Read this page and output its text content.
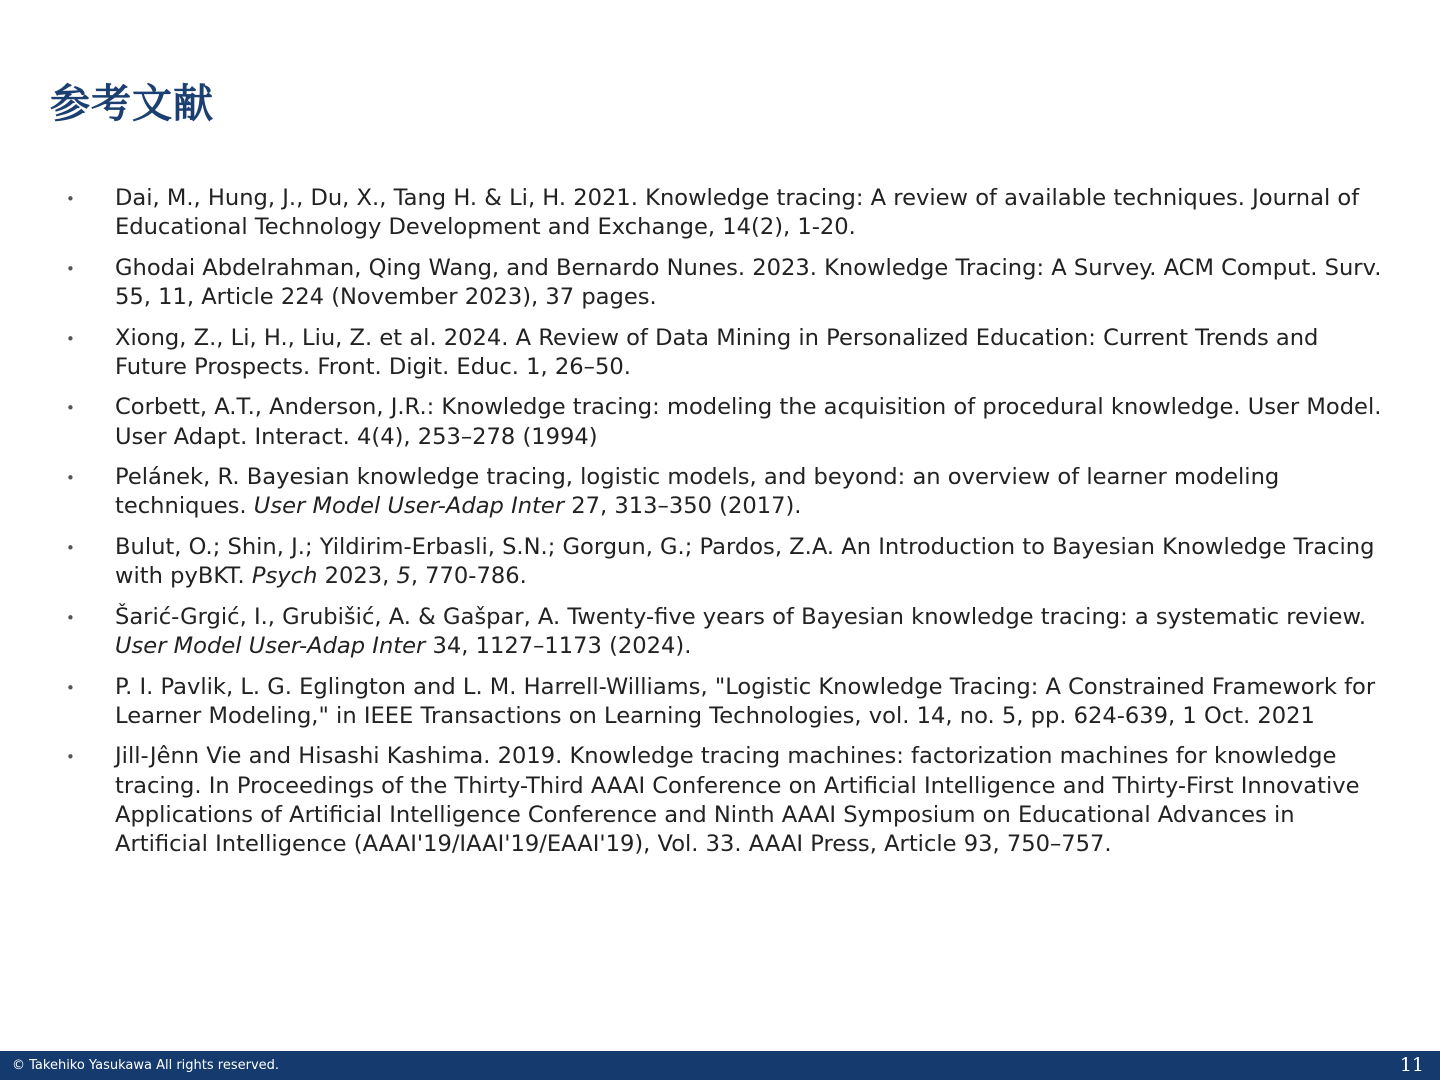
参考文献
• Dai, M., Hung, J., Du, X., Tang H. & Li, H. 2021. Knowledge tracing: A review of available techniques. Journal of Educational Technology Development and Exchange, 14(2), 1-20.
• Ghodai Abdelrahman, Qing Wang, and Bernardo Nunes. 2023. Knowledge Tracing: A Survey. ACM Comput. Surv. 55, 11, Article 224 (November 2023), 37 pages.
• Xiong, Z., Li, H., Liu, Z. et al. 2024. A Review of Data Mining in Personalized Education: Current Trends and Future Prospects. Front. Digit. Educ. 1, 26–50.
• Corbett, A.T., Anderson, J.R.: Knowledge tracing: modeling the acquisition of procedural knowledge. User Model. User Adapt. Interact. 4(4), 253–278 (1994)
• Pelánek, R. Bayesian knowledge tracing, logistic models, and beyond: an overview of learner modeling techniques. User Model User-Adap Inter 27, 313–350 (2017).
• Bulut, O.; Shin, J.; Yildirim-Erbasli, S.N.; Gorgun, G.; Pardos, Z.A. An Introduction to Bayesian Knowledge Tracing with pyBKT. Psych 2023, 5, 770-786.
• Šarić-Grgić, I., Grubišić, A. & Gašpar, A. Twenty-five years of Bayesian knowledge tracing: a systematic review. User Model User-Adap Inter 34, 1127–1173 (2024).
• P. I. Pavlik, L. G. Eglington and L. M. Harrell-Williams, "Logistic Knowledge Tracing: A Constrained Framework for Learner Modeling," in IEEE Transactions on Learning Technologies, vol. 14, no. 5, pp. 624-639, 1 Oct. 2021
• Jill-Jênn Vie and Hisashi Kashima. 2019. Knowledge tracing machines: factorization machines for knowledge tracing. In Proceedings of the Thirty-Third AAAI Conference on Artificial Intelligence and Thirty-First Innovative Applications of Artificial Intelligence Conference and Ninth AAAI Symposium on Educational Advances in Artificial Intelligence (AAAI'19/IAAI'19/EAAI'19), Vol. 33. AAAI Press, Article 93, 750–757.
© Takehiko Yasukawa All rights reserved.	11
